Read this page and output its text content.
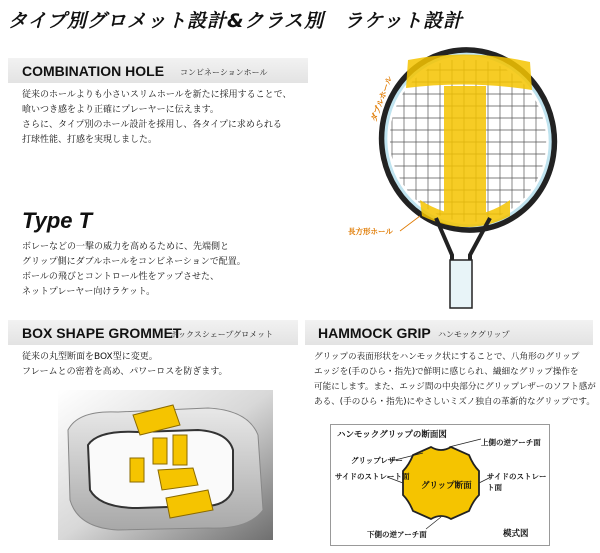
タイプ別グロメット設計&クラス別　ラケット設計
COMBINATION HOLE コンビネーションホール
従来のホールよりも小さいスリムホールを新たに採用することで、
喰いつき感をより正確にプレーヤーに伝えます。
さらに、タイプ別のホール設計を採用し、各タイプに求められる
打球性能、打感を実現しました。
Type T
ボレーなどの一撃の威力を高めるために、先端側と
グリップ側にダブルホールをコンビネーションで配置。
ボールの飛びとコントロール性をアップさせた、
ネットプレーヤー向けラケット。
ダブルホール
長方形ホール
BOX SHAPE GROMMET
ボックスシェープグロメット
従来の丸型断面をBOX型に変更。
フレームとの密着を高め、パワーロスを防ぎます。
HAMMOCK GRIP ハンモックグリップ
グリップの表面形状をハンモック状にすることで、八角形のグリップ
エッジを(手のひら・指先)で鮮明に感じられ、繊細なグリップ操作を
可能にします。また、エッジ間の中央部分にグリップレザーのソフト感が
ある、(手のひら・指先)にやさしいミズノ独自の革新的なグリップです。
ハンモックグリップの断面図
上側の逆アーチ面
グリップレザー
サイドのストレート面	サイドのストレート面
グリップ断面
下側の逆アーチ面	模式図
